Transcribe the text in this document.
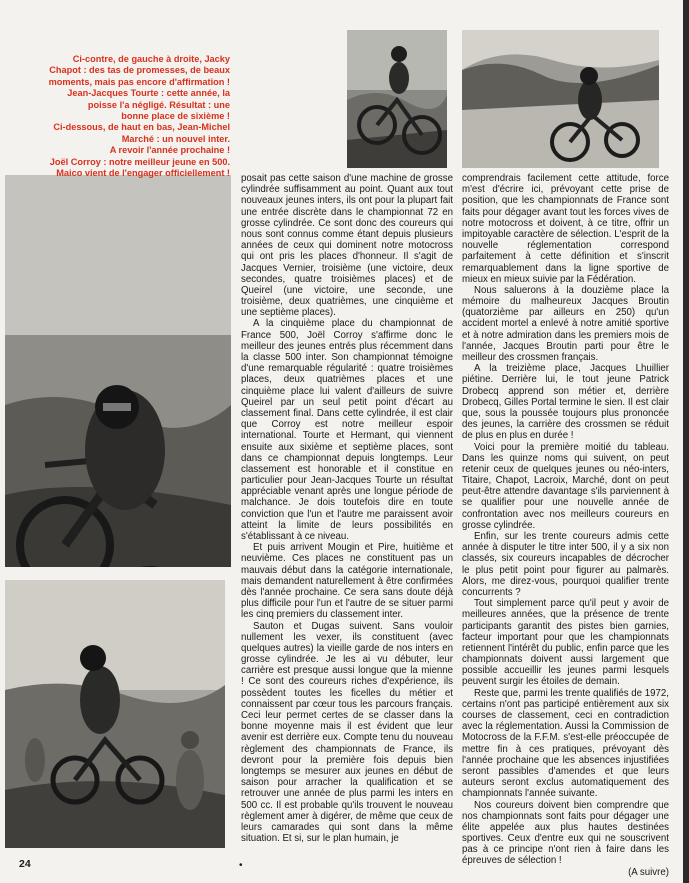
Ci-contre, de gauche à droite, Jacky
Chapot : des tas de promesses, de beaux
moments, mais pas encore d'affirmation !
Jean-Jacques Tourte : cette année, la
poisse l'a négligé. Résultat : une
bonne place de sixième !
Ci-dessous, de haut en bas, Jean-Michel
Marché : un nouvel inter.
A revoir l'année prochaine !
Joël Corroy : notre meilleur jeune en 500.
Maico vient de l'engager officiellement ! posait pas cette saison d'une machine de grosse cylindrée suffisamment au point. Quant aux tout nouveaux jeunes inters, ils ont pour la plupart fait une entrée discrète dans le championnat 72 en grosse cylindrée. Ce sont donc des coureurs qui nous sont connus comme étant depuis plusieurs années de ceux qui dominent notre motocross qui ont pris les places d'honneur. Il s'agit de Jacques Vernier, troisième (une victoire, deux secondes, quatre troisièmes places) et de Queirel (une victoire, une seconde, une troisième, deux quatrièmes, une cinquième et une septième places).

A la cinquième place du championnat de France 500, Joël Corroy s'affirme donc le meilleur des jeunes entrés plus récemment dans la classe 500 inter. Son championnat témoigne d'une remarquable régularité : quatre troisièmes places, deux quatrièmes places et une cinquième place lui valent d'ailleurs de suivre Queirel par un seul petit point d'écart au classement final. Dans cette cylindrée, il est clair que Corroy est notre meilleur espoir international. Tourte et Hermant, qui viennent ensuite aux sixième et septième places, sont dans ce championnat depuis longtemps. Leur classement est honorable et il constitue en particulier pour Jean-Jacques Tourte un résultat appréciable venant après une longue période de malchance. Je dois toutefois dire en toute conviction que l'un et l'autre me paraissent avoir atteint la limite de leurs possibilités en s'établissant à ce niveau.

Et puis arrivent Mougin et Pire, huitième et neuvième. Ces places ne constituent pas un mauvais début dans la catégorie internationale, mais demandent naturellement à être confirmées dès l'année prochaine. Ce sera sans doute déjà plus difficile pour l'un et l'autre de se situer parmi les cinq premiers du classement inter.

Sauton et Dugas suivent. Sans vouloir nullement les vexer, ils constituent (avec quelques autres) la vieille garde de nos inters en grosse cylindrée. Je les ai vu débuter, leur carrière est presque aussi longue que la mienne ! Ce sont des coureurs riches d'expérience, ils possèdent toutes les ficelles du métier et connaissent par cœur tous les parcours français. Ceci leur permet certes de se classer dans la bonne moyenne mais il est évident que leur avenir est derrière eux. Compte tenu du nouveau règlement des championnats de France, ils devront pour la première fois depuis bien longtemps se mesurer aux jeunes en début de saison pour arracher la qualification et se retrouver une année de plus parmi les inters en 500 cc. Il est probable qu'ils trouvent le nouveau règlement amer à digérer, de même que ceux de leurs camarades qui sont dans la même situation. Et si, sur le plan humain, je

comprendrais facilement cette attitude, force m'est d'écrire ici, prévoyant cette prise de position, que les championnats de France sont faits pour dégager avant tout les forces vives de notre motocross et doivent, à ce titre, offrir un impitoyable caractère de sélection. L'esprit de la nouvelle réglementation correspond parfaitement à cette définition et s'inscrit remarquablement dans la ligne sportive de mieux en mieux suivie par la Fédération.

Nous saluerons à la douzième place la mémoire du malheureux Jacques Broutin (quatorzième par ailleurs en 250) qu'un accident mortel a enlevé à notre amitié sportive et à notre admiration dans les premiers mois de l'année, Jacques Broutin parti pour être le meilleur des crossmen français.

A la treizième place, Jacques Lhuillier piétine. Derrière lui, le tout jeune Patrick Drobecq apprend son métier et, derrière Drobecq, Gilles Portal termine le sien. Il est clair que, sous la poussée toujours plus prononcée des jeunes, la carrière des crossmen se réduit de plus en plus en durée !

Voici pour la première moitié du tableau. Dans les quinze noms qui suivent, on peut retenir ceux de quelques jeunes ou néo-inters, Titaire, Chapot, Lacroix, Marché, dont on peut peut-être attendre davantage s'ils parviennent à se qualifier pour une nouvelle année de confrontation avec nos meilleurs coureurs en grosse cylindrée.

Enfin, sur les trente coureurs admis cette année à disputer le titre inter 500, il y a six non classés, six coureurs incapables de décrocher le plus petit point pour figurer au palmarès. Alors, me direz-vous, pourquoi qualifier trente concurrents ?

Tout simplement parce qu'il peut y avoir de meilleures années, que la présence de trente participants garantit des pistes bien garnies, facteur important pour que les championnats retiennent l'intérêt du public, enfin parce que les championnats doivent aussi largement que possible accueillir les jeunes parmi lesquels peuvent surgir les étoiles de demain.

Reste que, parmi les trente qualifiés de 1972, certains n'ont pas participé entièrement aux six courses de classement, ceci en contradiction avec la réglementation. Aussi la Commission de Motocross de la F.F.M. s'est-elle préoccupée de mettre fin à ces pratiques, prévoyant dès l'année prochaine que les absences injustifiées seront passibles d'amendes et que leurs auteurs seront exclus automatiquement des championnats l'année suivante.

Nos coureurs doivent bien comprendre que nos championnats sont faits pour dégager une élite appelée aux plus hautes destinées sportives. Ceux d'entre eux qui ne souscrivent pas à ce principe n'ont rien à faire dans les épreuves de sélection !

(A suivre)

24	•
